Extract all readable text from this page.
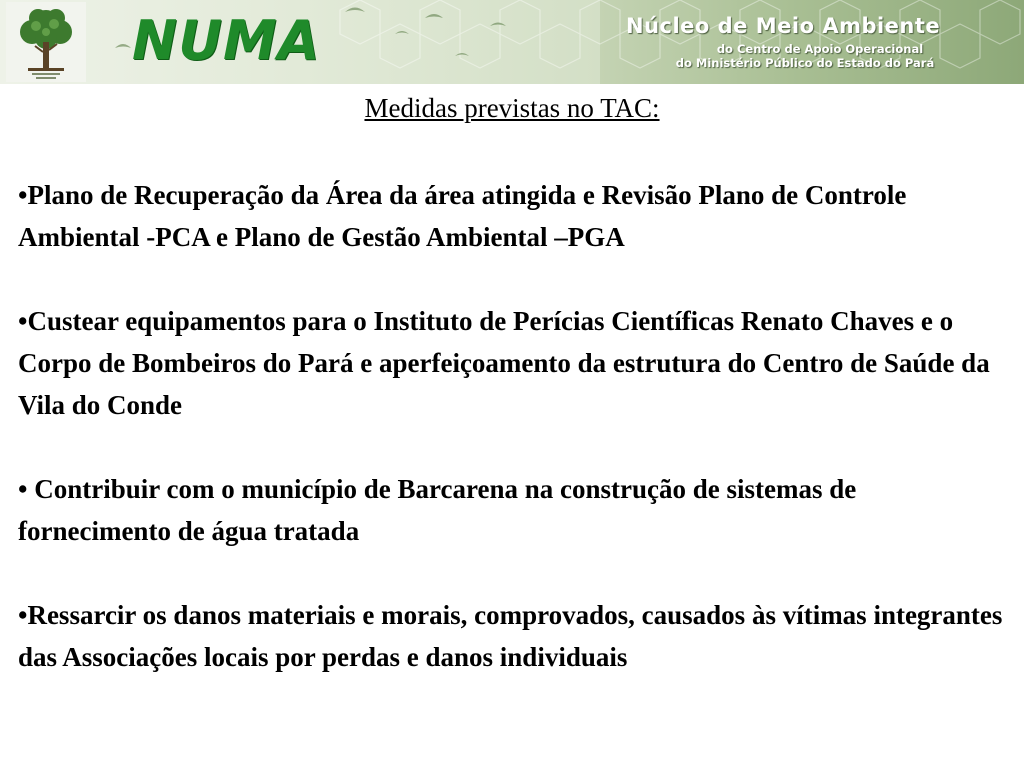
NUMA	Núcleo de Meio Ambiente

do Centro de Apoio Operacional

do Ministério Público do Estado do Pará

Medidas previstas no TAC:

•Plano de Recuperação da Área da área atingida e Revisão Plano de Controle Ambiental -PCA e Plano de Gestão Ambiental –PGA

•Custear equipamentos para o Instituto de Perícias Científicas Renato Chaves e o Corpo de Bombeiros do Pará e aperfeiçoamento da estrutura do Centro de Saúde da Vila do Conde

• Contribuir com o município de Barcarena na construção de sistemas de fornecimento de água tratada

•Ressarcir os danos materiais e morais, comprovados, causados às vítimas integrantes das Associações locais por perdas e danos individuais
